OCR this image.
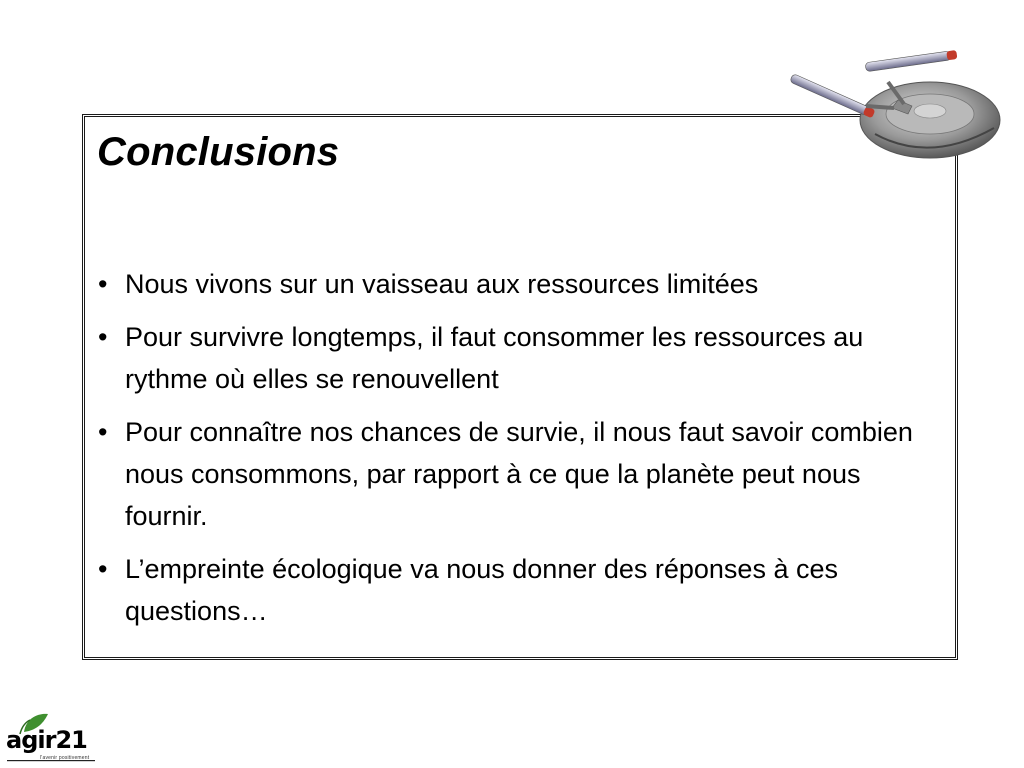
Conclusions
• Nous vivons sur un vaisseau aux ressources limitées
• Pour survivre longtemps, il faut consommer les ressources au rythme où elles se renouvellent
• Pour connaître nos chances de survie, il nous faut savoir combien nous consommons, par rapport à ce que la planète peut nous fournir.
• L’empreinte écologique va nous donner des réponses à ces questions…
agir21
l'avenir positivement
